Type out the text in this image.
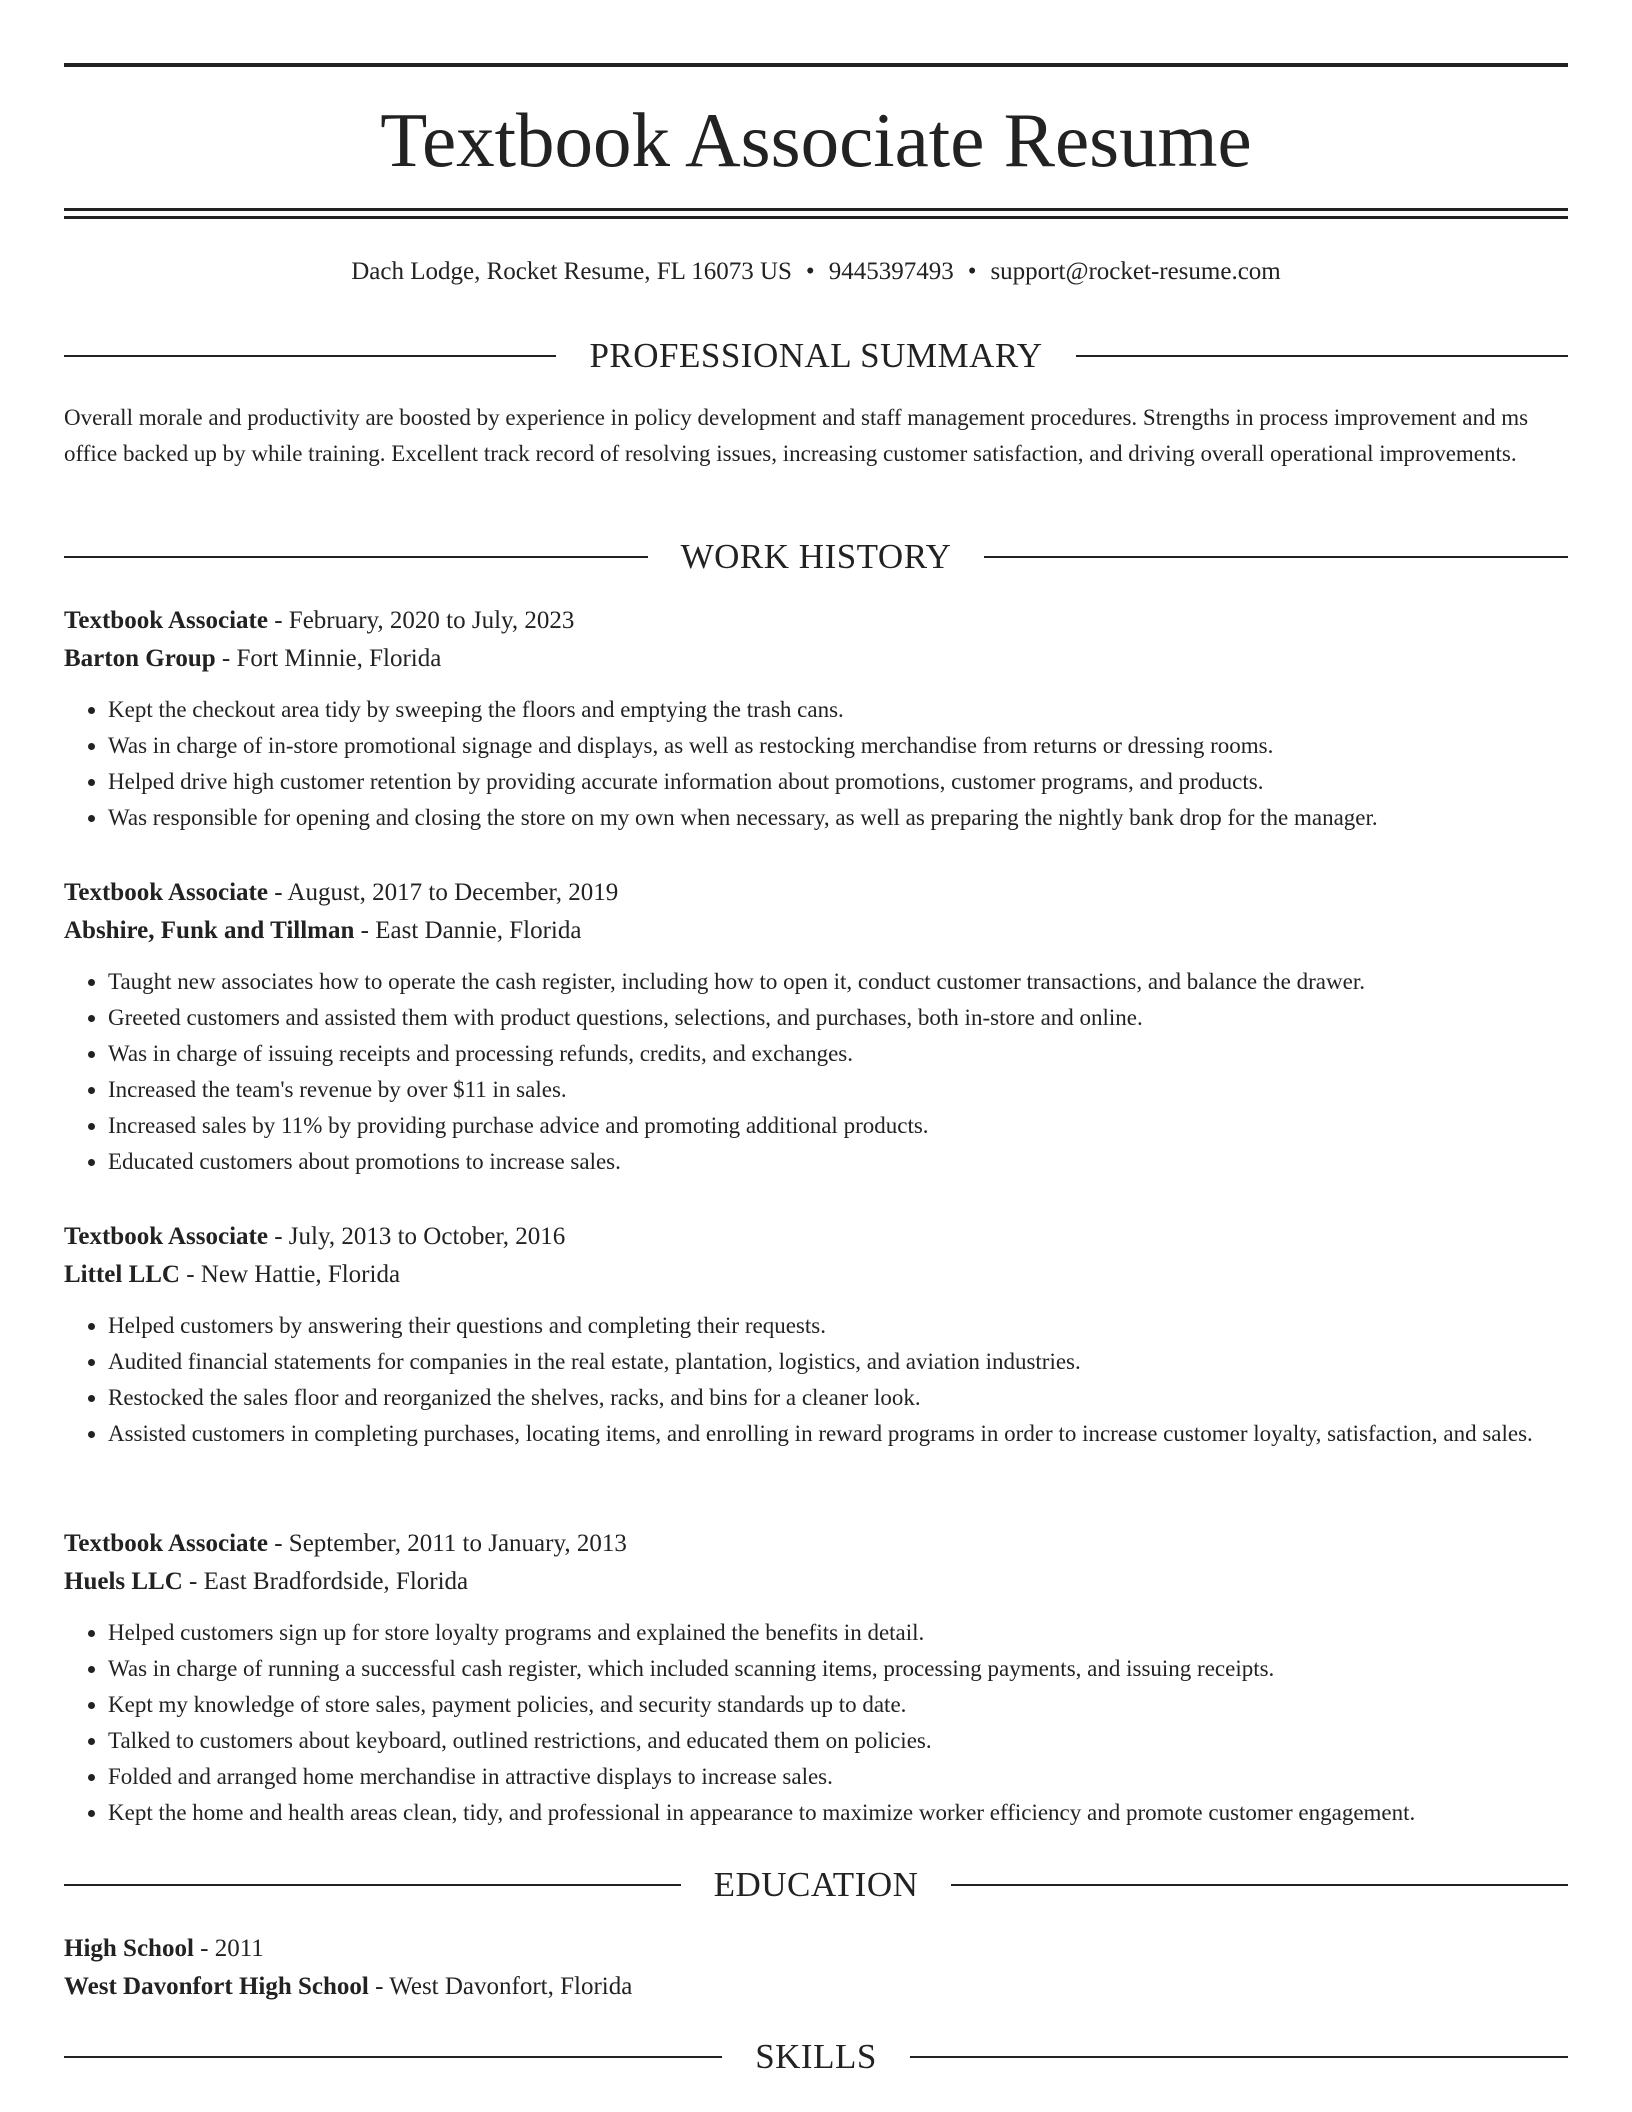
Textbook Associate Resume
Dach Lodge, Rocket Resume, FL 16073 US • 9445397493 • support@rocket-resume.com
PROFESSIONAL SUMMARY

Overall morale and productivity are boosted by experience in policy development and staff management procedures. Strengths in process improvement and ms office backed up by while training. Excellent track record of resolving issues, increasing customer satisfaction, and driving overall operational improvements.

WORK HISTORY

Textbook Associate - February, 2020 to July, 2023

Barton Group - Fort Minnie, Florida

• Kept the checkout area tidy by sweeping the floors and emptying the trash cans.
• Was in charge of in-store promotional signage and displays, as well as restocking merchandise from returns or dressing rooms.
• Helped drive high customer retention by providing accurate information about promotions, customer programs, and products.
• Was responsible for opening and closing the store on my own when necessary, as well as preparing the nightly bank drop for the manager.

Textbook Associate - August, 2017 to December, 2019

Abshire, Funk and Tillman - East Dannie, Florida

• Taught new associates how to operate the cash register, including how to open it, conduct customer transactions, and balance the drawer.
• Greeted customers and assisted them with product questions, selections, and purchases, both in-store and online.
• Was in charge of issuing receipts and processing refunds, credits, and exchanges.
• Increased the team's revenue by over $11 in sales.
• Increased sales by 11% by providing purchase advice and promoting additional products.
• Educated customers about promotions to increase sales.

Textbook Associate - July, 2013 to October, 2016

Littel LLC - New Hattie, Florida

• Helped customers by answering their questions and completing their requests.
• Audited financial statements for companies in the real estate, plantation, logistics, and aviation industries.
• Restocked the sales floor and reorganized the shelves, racks, and bins for a cleaner look.
• Assisted customers in completing purchases, locating items, and enrolling in reward programs in order to increase customer loyalty, satisfaction, and sales.

Textbook Associate - September, 2011 to January, 2013

Huels LLC - East Bradfordside, Florida

• Helped customers sign up for store loyalty programs and explained the benefits in detail.
• Was in charge of running a successful cash register, which included scanning items, processing payments, and issuing receipts.
• Kept my knowledge of store sales, payment policies, and security standards up to date.
• Talked to customers about keyboard, outlined restrictions, and educated them on policies.
• Folded and arranged home merchandise in attractive displays to increase sales.
• Kept the home and health areas clean, tidy, and professional in appearance to maximize worker efficiency and promote customer engagement.
EDUCATION

High School - 2011

West Davonfort High School - West Davonfort, Florida

SKILLS
